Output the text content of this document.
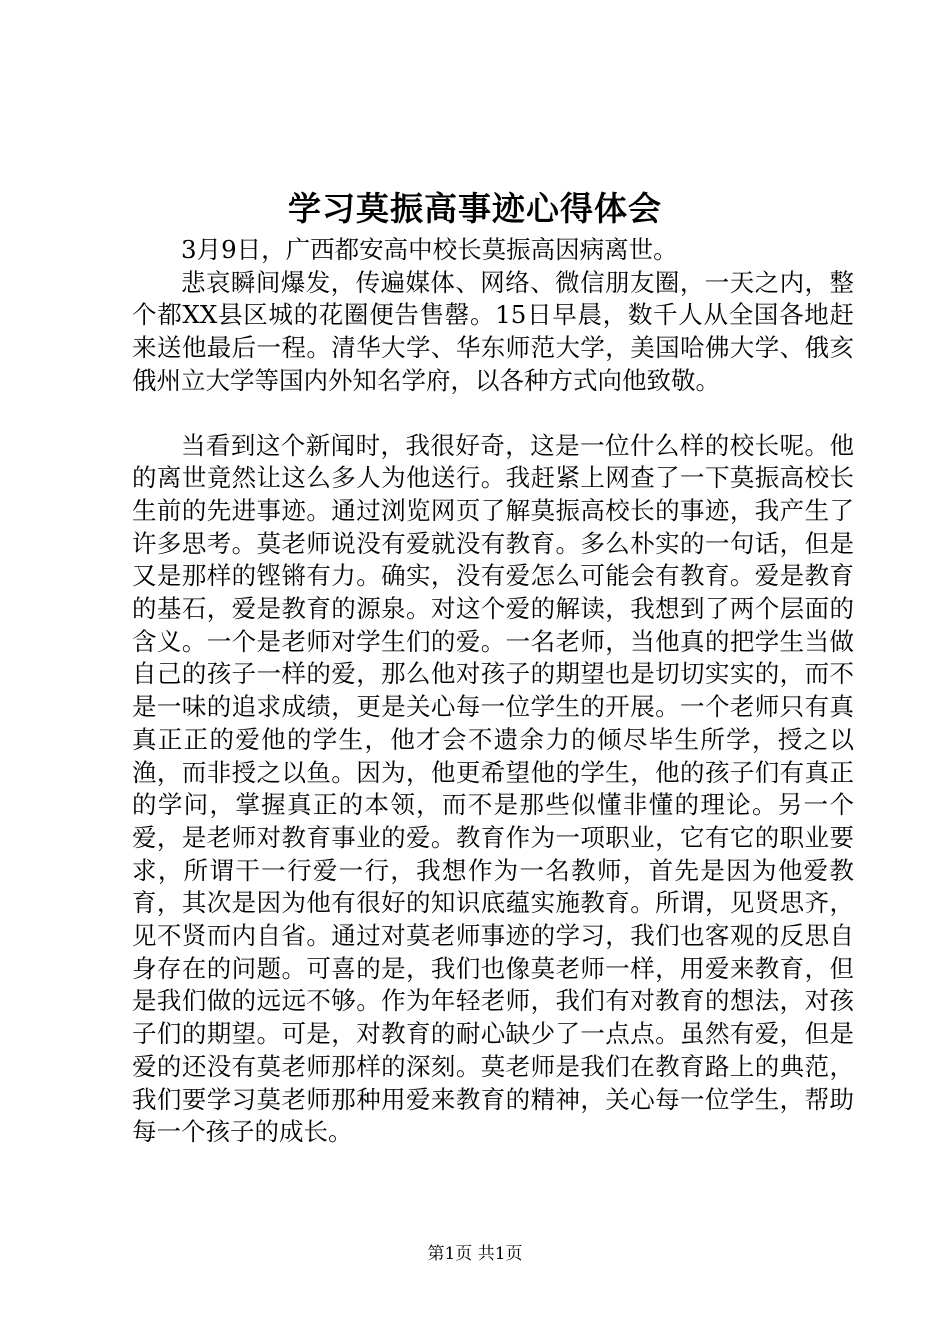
学习莫振高事迹心得体会

3月9日，广西都安高中校长莫振高因病离世。

悲哀瞬间爆发，传遍媒体、网络、微信朋友圈，一天之内，整个都XX县区城的花圈便告售罄。15日早晨，数千人从全国各地赶来送他最后一程。清华大学、华东师范大学，美国哈佛大学、俄亥俄州立大学等国内外知名学府，以各种方式向他致敬。

当看到这个新闻时，我很好奇，这是一位什么样的校长呢。他的离世竟然让这么多人为他送行。我赶紧上网查了一下莫振高校长生前的先进事迹。通过浏览网页了解莫振高校长的事迹，我产生了许多思考。莫老师说没有爱就没有教育。多么朴实的一句话，但是又是那样的铿锵有力。确实，没有爱怎么可能会有教育。爱是教育的基石，爱是教育的源泉。对这个爱的解读，我想到了两个层面的含义。一个是老师对学生们的爱。一名老师，当他真的把学生当做自己的孩子一样的爱，那么他对孩子的期望也是切切实实的，而不是一味的追求成绩，更是关心每一位学生的开展。一个老师只有真真正正的爱他的学生，他才会不遗余力的倾尽毕生所学，授之以渔，而非授之以鱼。因为，他更希望他的学生，他的孩子们有真正的学问，掌握真正的本领，而不是那些似懂非懂的理论。另一个爱，是老师对教育事业的爱。教育作为一项职业，它有它的职业要求，所谓干一行爱一行，我想作为一名教师，首先是因为他爱教育，其次是因为他有很好的知识底蕴实施教育。所谓，见贤思齐，见不贤而内自省。通过对莫老师事迹的学习，我们也客观的反思自身存在的问题。可喜的是，我们也像莫老师一样，用爱来教育，但是我们做的远远不够。作为年轻老师，我们有对教育的想法，对孩子们的期望。可是，对教育的耐心缺少了一点点。虽然有爱，但是爱的还没有莫老师那样的深刻。莫老师是我们在教育路上的典范，我们要学习莫老师那种用爱来教育的精神，关心每一位学生，帮助每一个孩子的成长。

第1页 共1页
